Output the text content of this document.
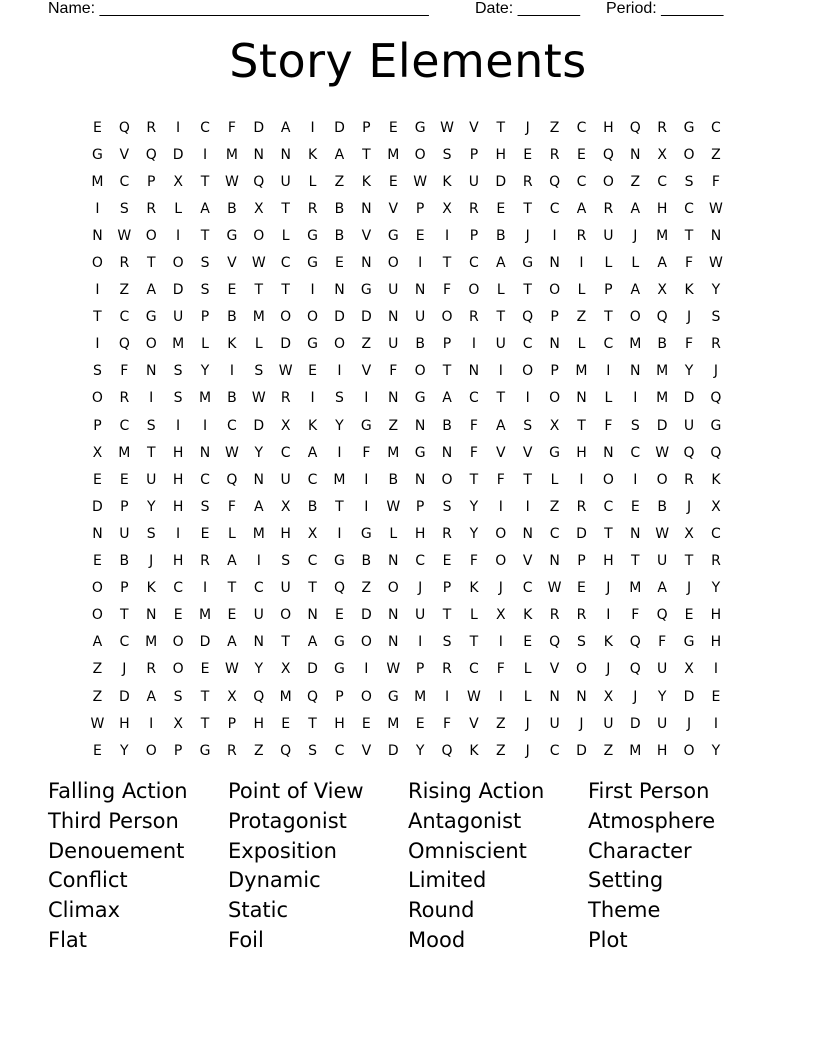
Name: _____________________________________	Date: _______ Period: _______
Story Elements
E	Q	R	I	C	F	D	A	I	D	P	E	G	W	V	T	J	Z	C	H	Q	R	G	C
G	V	Q	D	I	M	N	N	K	A	T	M	O	S	P	H	E	R	E	Q	N	X	O	Z
M	C	P	X	T	W	Q	U	L	Z	K	E	W	K	U	D	R	Q	C	O	Z	C	S	F
I	S	R	L	A	B	X	T	R	B	N	V	P	X	R	E	T	C	A	R	A	H	C	W
N	W	O	I	T	G	O	L	G	B	V	G	E	I	P	B	J	I	R	U	J	M	T	N
O	R	T	O	S	V	W	C	G	E	N	O	I	T	C	A	G	N	I	L	L	A	F	W
I	Z	A	D	S	E	T	T	I	N	G	U	N	F	O	L	T	O	L	P	A	X	K	Y
T	C	G	U	P	B	M	O	O	D	D	N	U	O	R	T	Q	P	Z	T	O	Q	J	S
I	Q	O	M	L	K	L	D	G	O	Z	U	B	P	I	U	C	N	L	C	M	B	F	R
S	F	N	S	Y	I	S	W	E	I	V	F	O	T	N	I	O	P	M	I	N	M	Y	J
O	R	I	S	M	B	W	R	I	S	I	N	G	A	C	T	I	O	N	L	I	M	D	Q
P	C	S	I	I	C	D	X	K	Y	G	Z	N	B	F	A	S	X	T	F	S	D	U	G
X	M	T	H	N	W	Y	C	A	I	F	M	G	N	F	V	V	G	H	N	C	W	Q	Q
E	E	U	H	C	Q	N	U	C	M	I	B	N	O	T	F	T	L	I	O	I	O	R	K
D	P	Y	H	S	F	A	X	B	T	I	W	P	S	Y	I	I	Z	R	C	E	B	J	X
N	U	S	I	E	L	M	H	X	I	G	L	H	R	Y	O	N	C	D	T	N	W	X	C
E	B	J	H	R	A	I	S	C	G	B	N	C	E	F	O	V	N	P	H	T	U	T	R
O	P	K	C	I	T	C	U	T	Q	Z	O	J	P	K	J	C	W	E	J	M	A	J	Y
O	T	N	E	M	E	U	O	N	E	D	N	U	T	L	X	K	R	R	I	F	Q	E	H
A	C	M	O	D	A	N	T	A	G	O	N	I	S	T	I	E	Q	S	K	Q	F	G	H
Z	J	R	O	E	W	Y	X	D	G	I	W	P	R	C	F	L	V	O	J	Q	U	X	I
Z	D	A	S	T	X	Q	M	Q	P	O	G	M	I	W	I	L	N	N	X	J	Y	D	E
W	H	I	X	T	P	H	E	T	H	E	M	E	F	V	Z	J	U	J	U	D	U	J	I
E	Y	O	P	G	R	Z	Q	S	C	V	D	Y	Q	K	Z	J	C	D	Z	M	H	O	Y
Falling Action	Point of View	Rising Action	First Person
Third Person	Protagonist	Antagonist	Atmosphere
Denouement	Exposition	Omniscient	Character
Conflict	Dynamic	Limited	Setting
Climax	Static	Round	Theme
Flat	Foil	Mood	Plot
